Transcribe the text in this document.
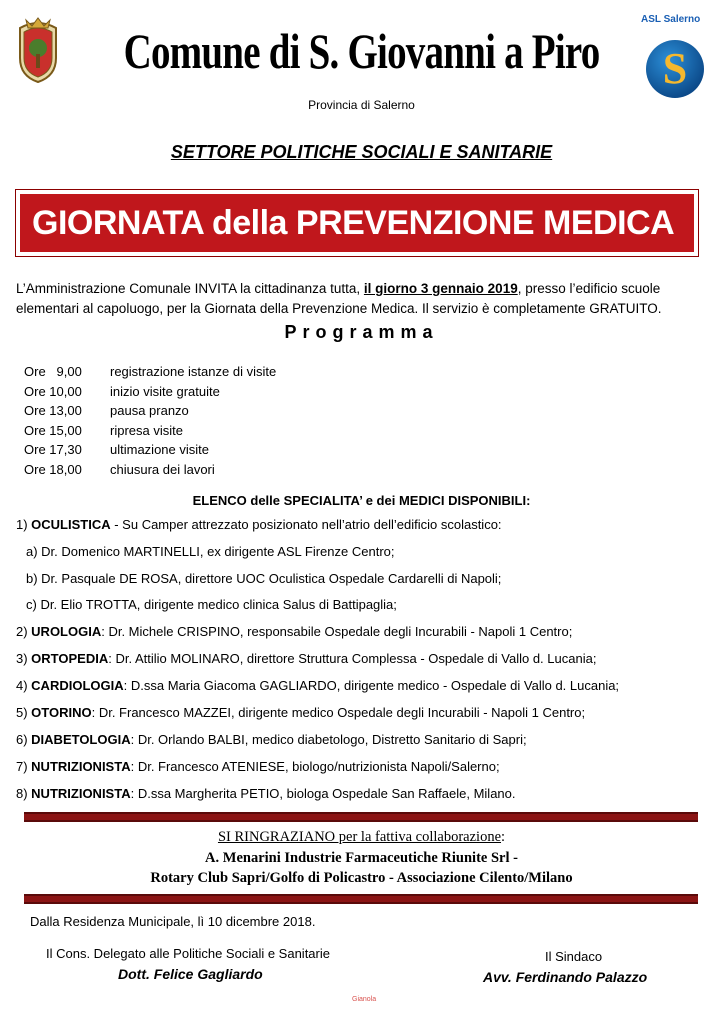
Comune di S. Giovanni a Piro
ASL Salerno
S
Provincia di Salerno
SETTORE POLITICHE SOCIALI E SANITARIE
GIORNATA della PREVENZIONE MEDICA
L’Amministrazione Comunale INVITA la cittadinanza tutta, il giorno 3 gennaio 2019, presso l’edificio scuole elementari al capoluogo, per la Giornata della Prevenzione Medica. Il servizio è completamente GRATUITO.
Programma
Ore   9,00	registrazione istanze di visite
Ore 10,00	inizio visite gratuite
Ore 13,00	pausa pranzo
Ore 15,00	ripresa visite
Ore 17,30	ultimazione visite
Ore 18,00	chiusura dei lavori
ELENCO delle SPECIALITA’ e dei MEDICI DISPONIBILI:
1) OCULISTICA - Su Camper attrezzato posizionato nell’atrio dell’edificio scolastico:
a) Dr. Domenico MARTINELLI, ex dirigente ASL Firenze Centro;
b) Dr. Pasquale DE ROSA, direttore UOC Oculistica Ospedale Cardarelli di Napoli;
c) Dr. Elio TROTTA, dirigente medico clinica Salus di Battipaglia;
2) UROLOGIA: Dr. Michele CRISPINO, responsabile Ospedale degli Incurabili - Napoli 1 Centro;
3) ORTOPEDIA: Dr. Attilio MOLINARO, direttore Struttura Complessa - Ospedale di Vallo d. Lucania;
4) CARDIOLOGIA: D.ssa Maria Giacoma GAGLIARDO, dirigente medico - Ospedale di Vallo d. Lucania;
5) OTORINO: Dr. Francesco MAZZEI, dirigente medico Ospedale degli Incurabili - Napoli 1 Centro;
6) DIABETOLOGIA: Dr. Orlando BALBI, medico diabetologo, Distretto Sanitario di Sapri;
7) NUTRIZIONISTA: Dr. Francesco ATENIESE, biologo/nutrizionista Napoli/Salerno;
8) NUTRIZIONISTA: D.ssa Margherita PETIO, biologa Ospedale San Raffaele, Milano.
SI RINGRAZIANO per la fattiva collaborazione:
A. Menarini Industrie Farmaceutiche Riunite Srl -
Rotary Club Sapri/Golfo di Policastro - Associazione Cilento/Milano
Dalla Residenza Municipale, lì 10 dicembre 2018.
Il Cons. Delegato alle Politiche Sociali e Sanitarie
Dott. Felice Gagliardo
Il Sindaco
Avv. Ferdinando Palazzo
Gianola
